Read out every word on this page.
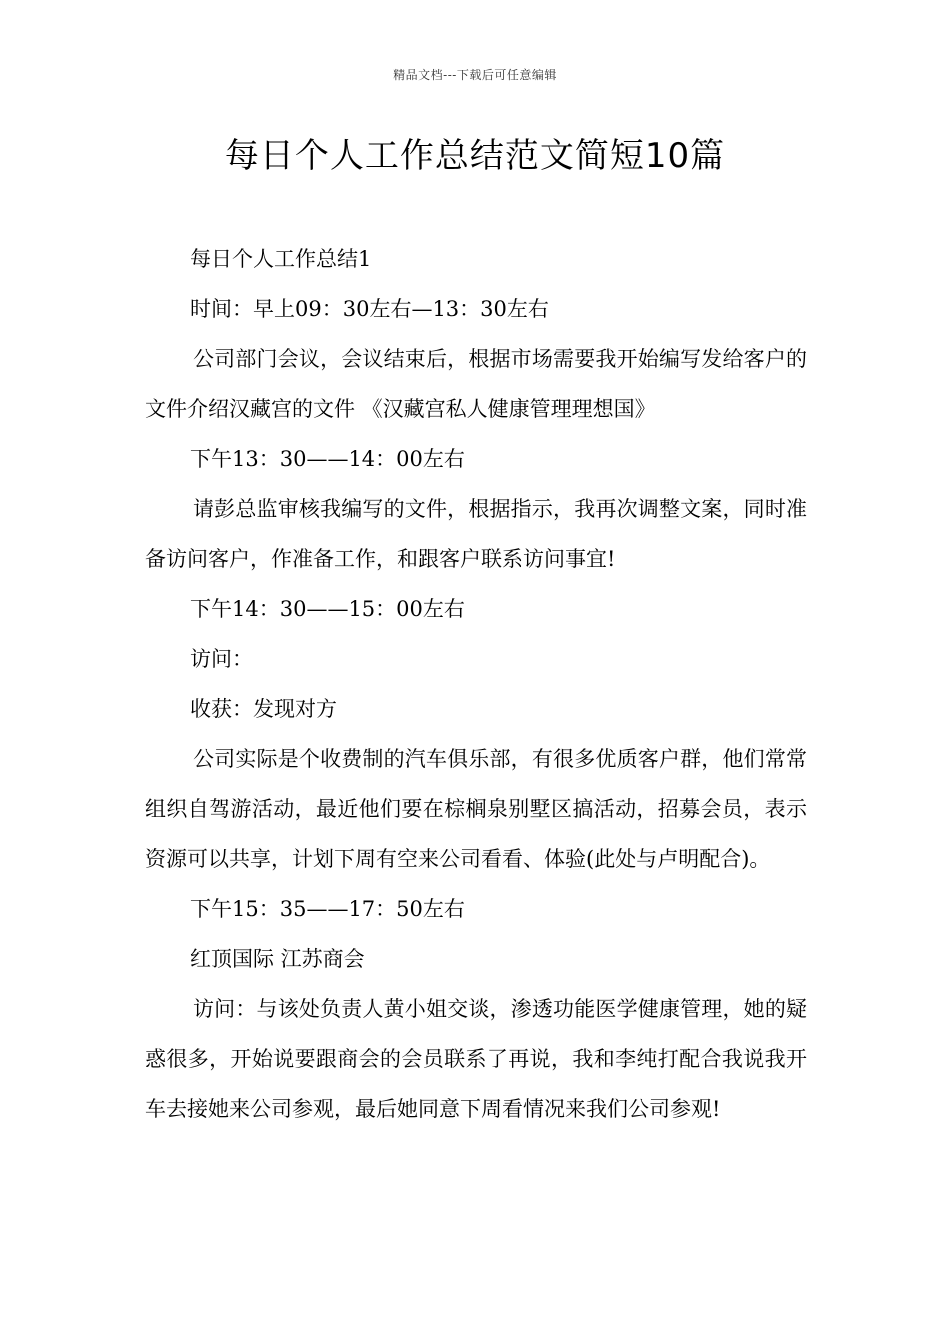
精品文档---下载后可任意编辑
每日个人工作总结范文简短10篇

每日个人工作总结1

时间：早上09：30左右—13：30左右

公司部门会议，会议结束后，根据市场需要我开始编写发给客户的文件介绍汉藏宫的文件 《汉藏宫私人健康管理理想国》

下午13：30——14：00左右

请彭总监审核我编写的文件，根据指示，我再次调整文案，同时准备访问客户，作准备工作，和跟客户联系访问事宜!

下午14：30——15：00左右

访问：

收获：发现对方

公司实际是个收费制的汽车俱乐部，有很多优质客户群，他们常常组织自驾游活动，最近他们要在棕榈泉别墅区搞活动，招募会员，表示资源可以共享，计划下周有空来公司看看、体验(此处与卢明配合)。

下午15：35——17：50左右

红顶国际 江苏商会

访问：与该处负责人黄小姐交谈，渗透功能医学健康管理，她的疑惑很多，开始说要跟商会的会员联系了再说，我和李纯打配合我说我开车去接她来公司参观，最后她同意下周看情况来我们公司参观!
